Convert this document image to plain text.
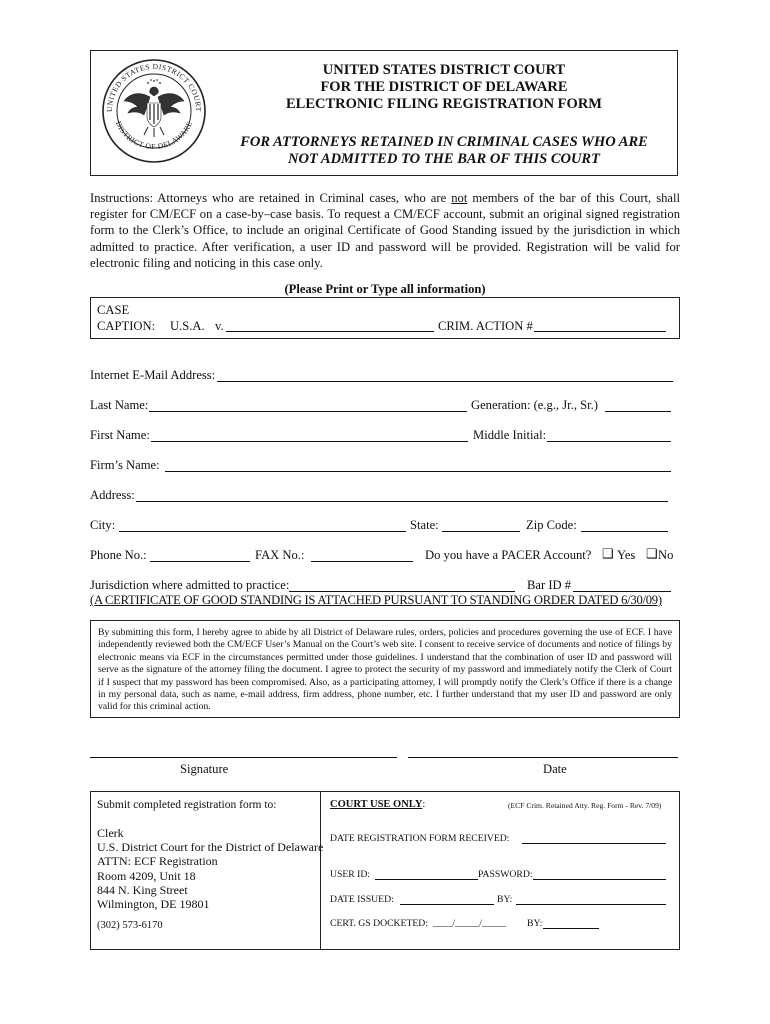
UNITED STATES DISTRICT COURT
DISTRICT OF DELAWARE
UNITED STATES DISTRICT COURT
FOR THE DISTRICT OF DELAWARE
ELECTRONIC FILING REGISTRATION FORM
FOR ATTORNEYS RETAINED IN CRIMINAL CASES WHO ARE
NOT ADMITTED TO THE BAR OF THIS COURT
Instructions: Attorneys who are retained in Criminal cases, who are not members of the bar of this Court, shall register for CM/ECF on a case-by–case basis. To request a CM/ECF account, submit an original signed registration form to the Clerk’s Office, to include an original Certificate of Good Standing issued by the jurisdiction in which admitted to practice. After verification, a user ID and password will be provided. Registration will be valid for electronic filing and noticing in this case only.
(Please Print or Type all information)
CASE
CAPTION: U.S.A. v.	CRIM. ACTION #
Internet E-Mail Address:
Last Name:	Generation: (e.g., Jr., Sr.)
First Name:	Middle Initial:
Firm’s Name:
Address:
City:	State:	Zip Code:
Phone No.:	FAX No.:	Do you have a PACER Account? ❑ Yes ❑ No
Jurisdiction where admitted to practice:	Bar ID #
(A CERTIFICATE OF GOOD STANDING IS ATTACHED PURSUANT TO STANDING ORDER DATED 6/30/09)
By submitting this form, I hereby agree to abide by all District of Delaware rules, orders, policies and procedures governing the use of ECF. I have independently reviewed both the CM/ECF User’s Manual on the Court’s web site. I consent to receive service of documents and notice of filings by electronic means via ECF in the circumstances permitted under those guidelines. I understand that the combination of user ID and password will serve as the signature of the attorney filing the document. I agree to protect the security of my password and immediately notify the Clerk of Court if I suspect that my password has been compromised. Also, as a participating attorney, I will promptly notify the Clerk’s Office if there is a change in my personal data, such as name, e-mail address, firm address, phone number, etc. I further understand that my user ID and password are only valid for this criminal action.
Signature	Date
Submit completed registration form to:
Clerk
U.S. District Court for the District of Delaware
ATTN: ECF Registration
Room 4209, Unit 18
844 N. King Street
Wilmington, DE 19801
(302) 573-6170
COURT USE ONLY:	(ECF Crim. Retained Atty. Reg. Form - Rev. 7/09)
DATE REGISTRATION FORM RECEIVED:
USER ID:	PASSWORD:
DATE ISSUED:	BY:
CERT. GS DOCKETED: ____/_____/_____ BY:
